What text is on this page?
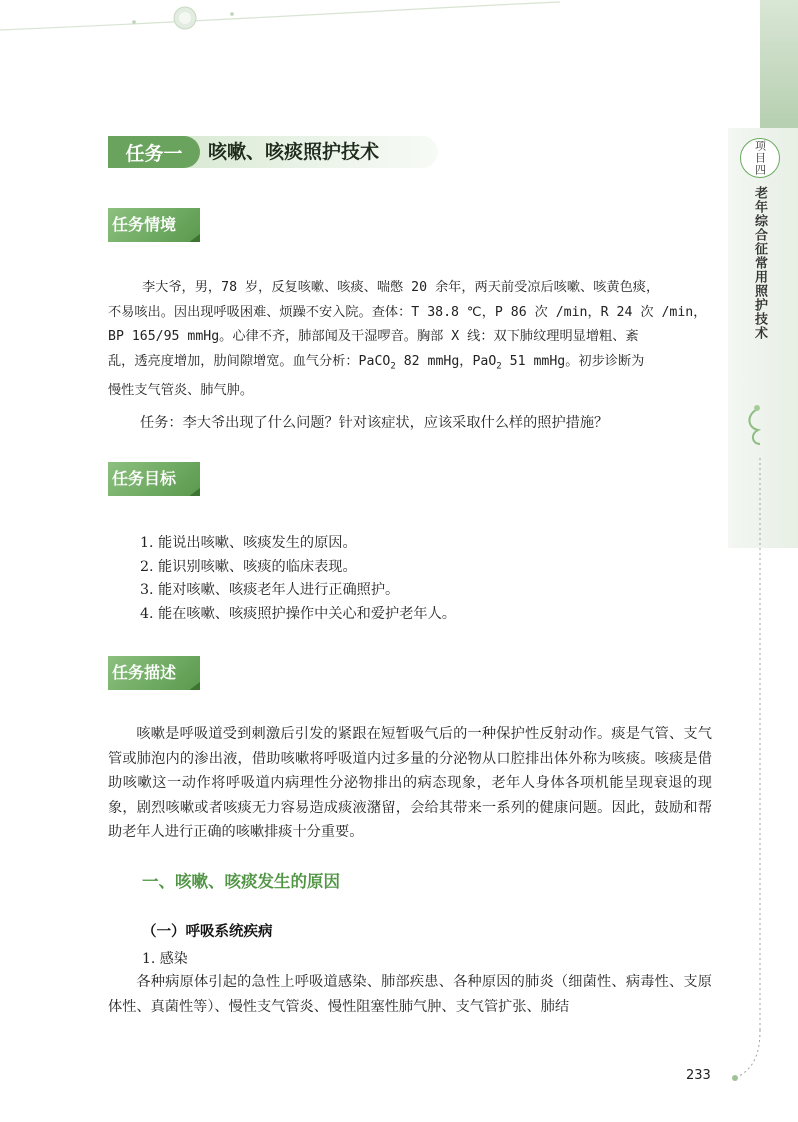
项目四
老年综合征常用照护技术
任务一	咳嗽、咳痰照护技术
任务情境
李大爷，男，78 岁，反复咳嗽、咳痰、喘憋 20 余年，两天前受凉后咳嗽、咳黄色痰，
不易咳出。因出现呼吸困难、烦躁不安入院。查体：T 38.8 ℃，P 86 次 /min，R 24 次 /min，
BP 165/95 mmHg。心律不齐，肺部闻及干湿啰音。胸部 X 线：双下肺纹理明显增粗、紊
乱，透亮度增加，肋间隙增宽。血气分析：PaCO$_2$ 82 mmHg，PaO$_2$ 51 mmHg。初步诊断为
慢性支气管炎、肺气肿。
任务：李大爷出现了什么问题？针对该症状，应该采取什么样的照护措施？
任务目标
1. 能说出咳嗽、咳痰发生的原因。
2. 能识别咳嗽、咳痰的临床表现。
3. 能对咳嗽、咳痰老年人进行正确照护。
4. 能在咳嗽、咳痰照护操作中关心和爱护老年人。
任务描述

咳嗽是呼吸道受到刺激后引发的紧跟在短暂吸气后的一种保护性反射动作。痰是气管、支气管或肺泡内的渗出液，借助咳嗽将呼吸道内过多量的分泌物从口腔排出体外称为咳痰。咳痰是借助咳嗽这一动作将呼吸道内病理性分泌物排出的病态现象，老年人身体各项机能呈现衰退的现象，剧烈咳嗽或者咳痰无力容易造成痰液潴留，会给其带来一系列的健康问题。因此，鼓励和帮助老年人进行正确的咳嗽排痰十分重要。

一、咳嗽、咳痰发生的原因
（一）呼吸系统疾病
1. 感染

各种病原体引起的急性上呼吸道感染、肺部疾患、各种原因的肺炎（细菌性、病毒性、支原体性、真菌性等）、慢性支气管炎、慢性阻塞性肺气肿、支气管扩张、肺结

233
